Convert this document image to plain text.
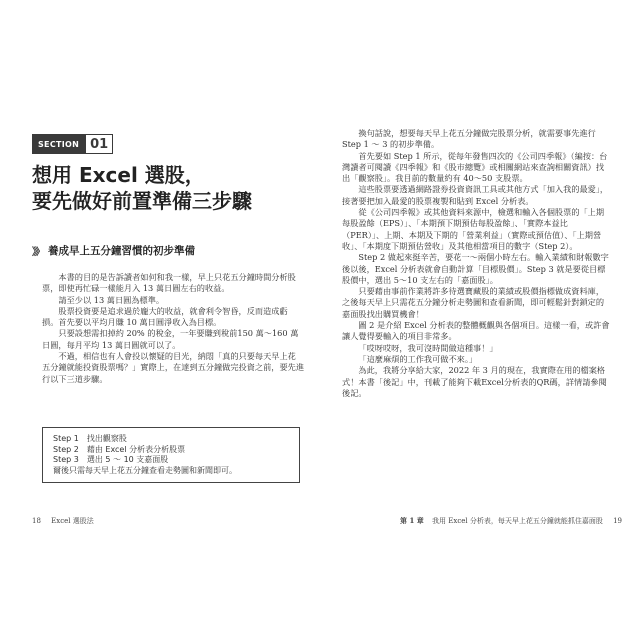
SECTION 01
想用 Excel 選股，
要先做好前置準備三步驟
》》 養成早上五分鐘習慣的初步準備

本書的目的是告訴讀者如何和我一樣，早上只花五分鐘時間分析股票，即使再忙碌一樣能月入 13 萬日圓左右的收益。

請至少以 13 萬日圓為標準。

股票投資要是追求過於龐大的收益，就會利令智昏，反而造成虧損。首先要以平均月賺 10 萬日圓淨收入為目標。

只要設想需扣掉約 20% 的稅金，一年要賺到稅前150 萬～160 萬日圓，每月平均 13 萬日圓就可以了。

不過，相信也有人會投以懷疑的目光，納悶「真的只要每天早上花五分鐘就能投資股票嗎？」實際上，在達到五分鐘做完投資之前，要先進行以下三道步驟。

Step 1　找出觀察股
Step 2　藉由 Excel 分析表分析股票
Step 3　選出 5 ～ 10 支嘉面股
爾後只需每天早上花五分鐘查看走勢圖和新聞即可。
18 Excel 選股法

換句話說，想要每天早上花五分鐘做完股票分析，就需要事先進行 Step 1 ～ 3 的初步準備。

首先要如 Step 1 所示，從每年發售四次的《公司四季報》（編按：台灣讀者可閱讀《四季報》和《股市總覽》或相關網站來查詢相關資訊）找出「觀察股」。我目前的數量約有 40～50 支股票。

這些股票要透過網路證券投資資訊工具或其他方式「加入我的最愛」，接著要把加入最愛的股票複製和貼到 Excel 分析表。

從《公司四季報》或其他資料來源中，檢選和輸入各個股票的「上期每股盈餘（EPS）」、「本期預下期預估每股盈餘」、「實際本益比（PER）」、上期、本期及下期的「營業利益」（實際或預估值）、「上期營收」、「本期度下期預估營收」及其他相當項目的數字（Step 2）。

Step 2 做起來挺辛苦，要花一～兩個小時左右。輸入業績和財報數字後以後，Excel 分析表就會自動計算「目標股價」。Step 3 就是要從目標股價中，選出 5～10 支左右的「嘉面股」。

只要藉由事前作業將許多待選寶藏股的業績或股價指標做成資料庫，之後每天早上只需花五分鐘分析走勢圖和查看新聞，即可輕鬆針對鎖定的嘉面股找出購買機會！

圖 2 是介紹 Excel 分析表的整體概觀與各個項目。這樣一看，或許會讓人覺得要輸入的項目非常多。

「哎呀哎呀，我可沒時間做這種事！」

「這麼麻煩的工作我可做不來。」

為此，我將分享給大家，2022 年 3 月的現在，我實際在用的檔案格式！本書「後記」中，刊載了能夠下載Excel分析表的QR碼，詳情請參閱後記。

第 1 章 我用 Excel 分析表，每天早上花五分鐘就能抓住嘉面股 19
